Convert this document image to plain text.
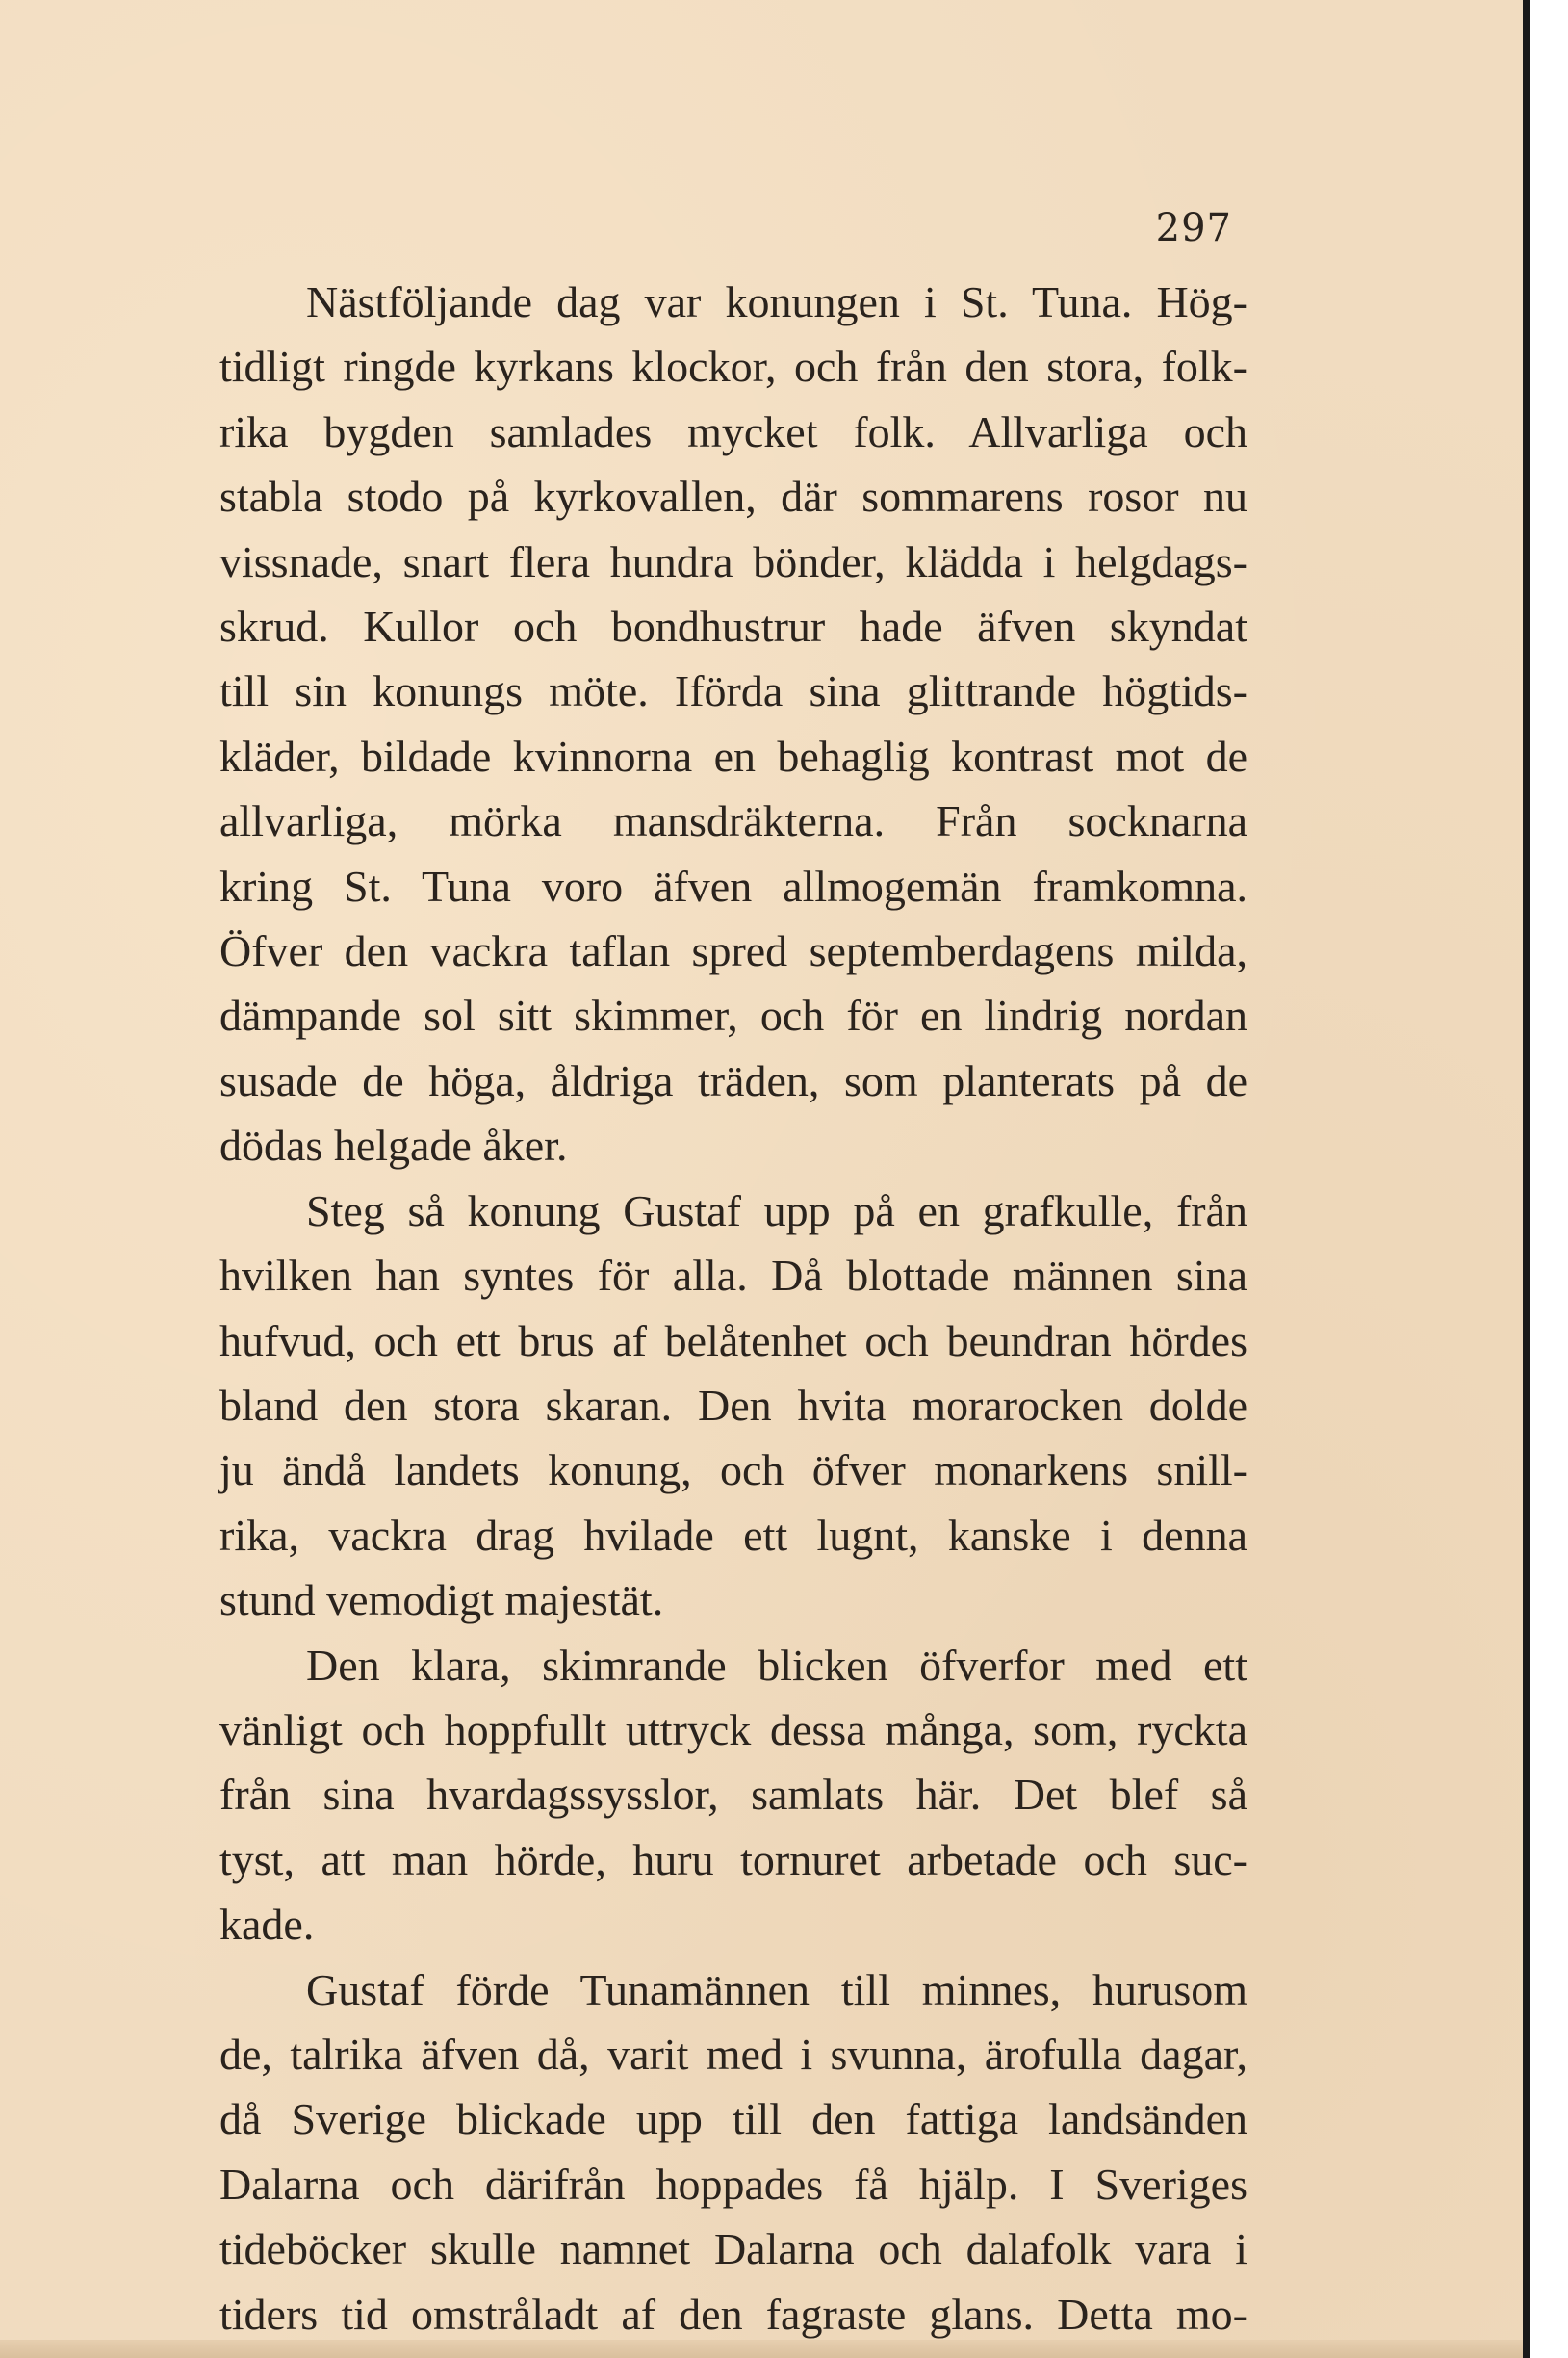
297
Nästföljande dag var konungen i St. Tuna. Hög-
tidligt ringde kyrkans klockor, och från den stora, folk-
rika bygden samlades mycket folk. Allvarliga och
stabla stodo på kyrkovallen, där sommarens rosor nu
vissnade, snart flera hundra bönder, klädda i helgdags-
skrud. Kullor och bondhustrur hade äfven skyndat
till sin konungs möte. Iförda sina glittrande högtids-
kläder, bildade kvinnorna en behaglig kontrast mot de
allvarliga, mörka mansdräkterna. Från socknarna
kring St. Tuna voro äfven allmogemän framkomna.
Öfver den vackra taflan spred septemberdagens milda,
dämpande sol sitt skimmer, och för en lindrig nordan
susade de höga, åldriga träden, som planterats på de
dödas helgade åker.
Steg så konung Gustaf upp på en grafkulle, från
hvilken han syntes för alla. Då blottade männen sina
hufvud, och ett brus af belåtenhet och beundran hördes
bland den stora skaran. Den hvita morarocken dolde
ju ändå landets konung, och öfver monarkens snill-
rika, vackra drag hvilade ett lugnt, kanske i denna
stund vemodigt majestät.
Den klara, skimrande blicken öfverfor med ett
vänligt och hoppfullt uttryck dessa många, som, ryckta
från sina hvardagssysslor, samlats här. Det blef så
tyst, att man hörde, huru tornuret arbetade och suc-
kade.
Gustaf förde Tunamännen till minnes, hurusom
de, talrika äfven då, varit med i svunna, ärofulla dagar,
då Sverige blickade upp till den fattiga landsänden
Dalarna och därifrån hoppades få hjälp. I Sveriges
tideböcker skulle namnet Dalarna och dalafolk vara i
tiders tid omstråladt af den fagraste glans. Detta mo-
